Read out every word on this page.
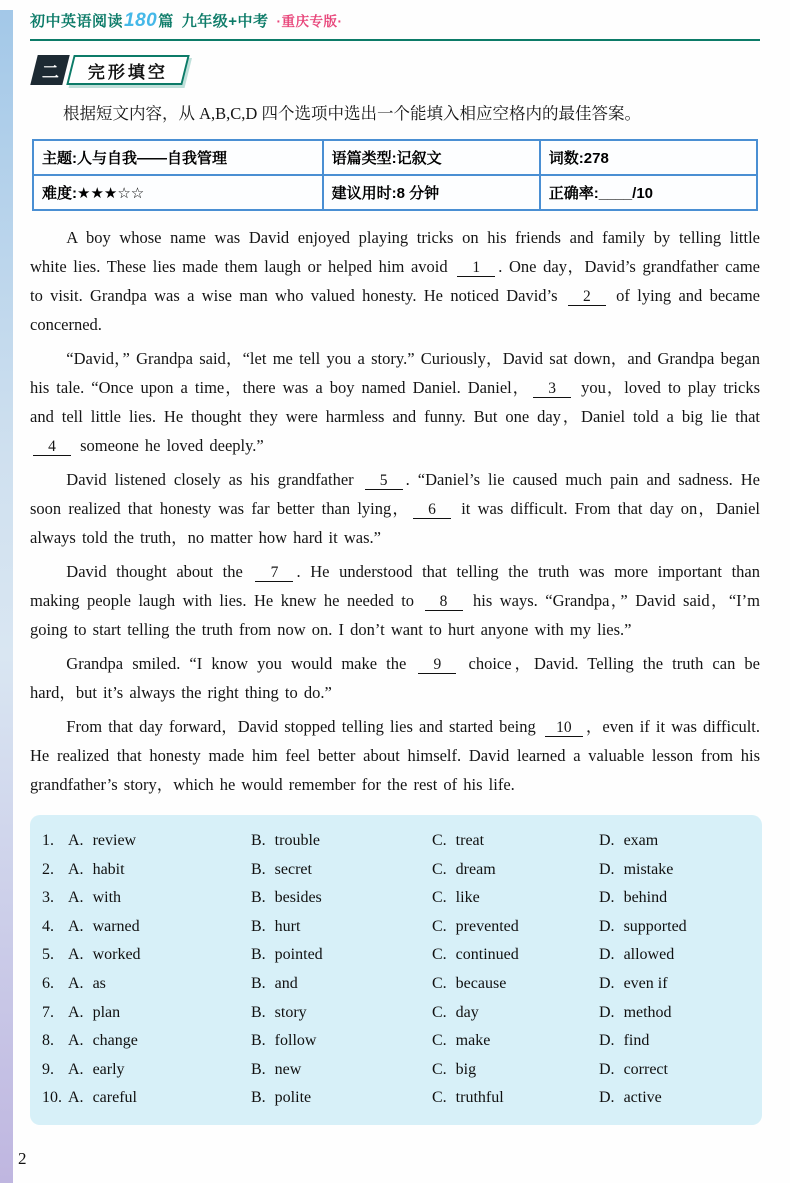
初中英语阅读180篇 九年级+中考 ·重庆专版·
二 完形填空

根据短文内容，从 A,B,C,D 四个选项中选出一个能填入相应空格内的最佳答案。

主题:人与自我——自我管理	语篇类型:记叙文	词数:278
难度:★★★☆☆	建议用时:8 分钟	正确率:____/10

A boy whose name was David enjoyed playing tricks on his friends and family by telling little white lies. These lies made them laugh or helped him avoid 1 . One day，David’s grandfather came to visit. Grandpa was a wise man who valued honesty. He noticed David’s 2 of lying and became concerned.

“David，” Grandpa said，“let me tell you a story.” Curiously，David sat down，and Grandpa began his tale. “Once upon a time，there was a boy named Daniel. Daniel， 3 you，loved to play tricks and tell little lies. He thought they were harmless and funny. But one day，Daniel told a big lie that 4 someone he loved deeply.”

David listened closely as his grandfather 5 . “Daniel’s lie caused much pain and sadness. He soon realized that honesty was far better than lying， 6 it was difficult. From that day on，Daniel always told the truth，no matter how hard it was.”

David thought about the 7 . He understood that telling the truth was more important than making people laugh with lies. He knew he needed to 8 his ways. “Grandpa，” David said，“I’m going to start telling the truth from now on. I don’t want to hurt anyone with my lies.”

Grandpa smiled. “I know you would make the 9 choice，David. Telling the truth can be hard，but it’s always the right thing to do.”

From that day forward，David stopped telling lies and started being 10 ，even if it was difficult. He realized that honesty made him feel better about himself. David learned a valuable lesson from his grandfather’s story，which he would remember for the rest of his life.

1. A. review	B. trouble	C. treat	D. exam
2. A. habit	B. secret	C. dream	D. mistake
3. A. with	B. besides	C. like	D. behind
4. A. warned	B. hurt	C. prevented	D. supported
5. A. worked	B. pointed	C. continued	D. allowed
6. A. as	B. and	C. because	D. even if
7. A. plan	B. story	C. day	D. method
8. A. change	B. follow	C. make	D. find
9. A. early	B. new	C. big	D. correct
10. A. careful	B. polite	C. truthful	D. active
2
